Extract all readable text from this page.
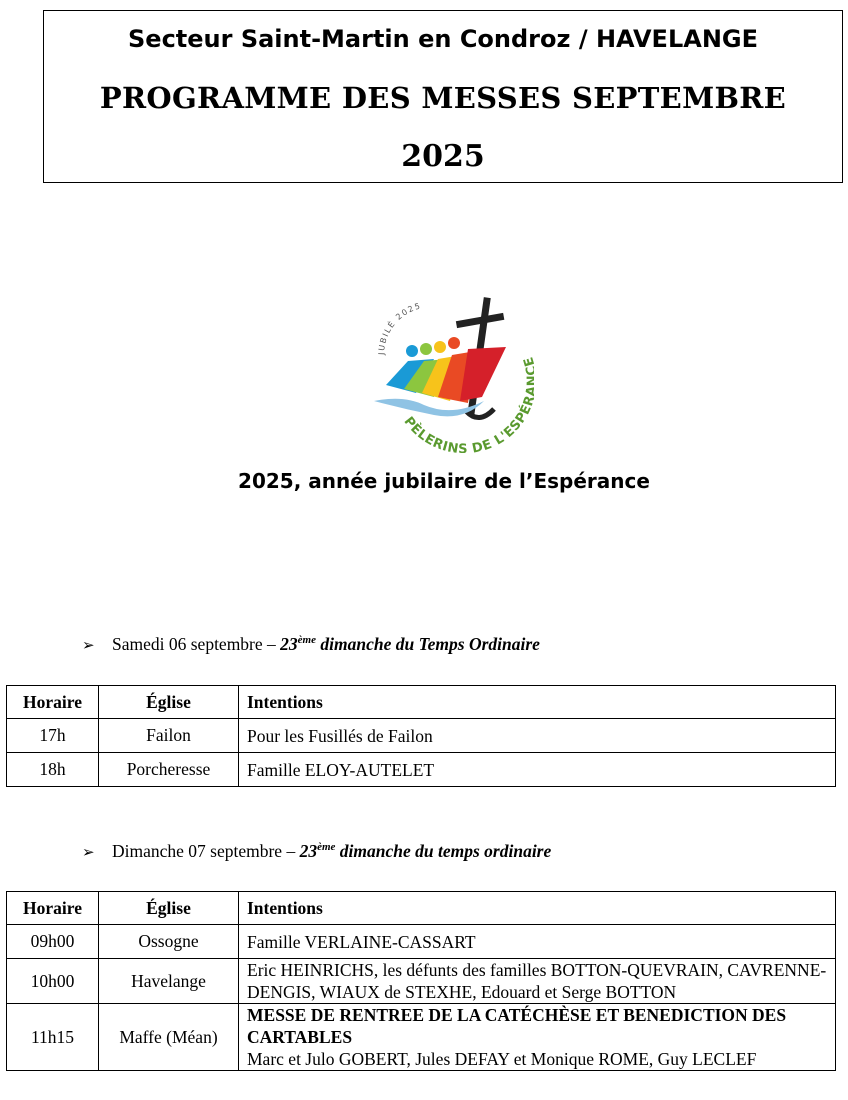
Secteur Saint-Martin en Condroz / HAVELANGE
PROGRAMME DES MESSES SEPTEMBRE
2025
JUBILÉ 2025
PÈLERINS DE L'ESPÉ
2025, année jubilaire de l’Espérance
➢ Samedi 06 septembre – 23ème dimanche du Temps Ordinaire
Horaire	Église	Intentions
17h	Failon	Pour les Fusillés de Failon
18h	Porcheresse	Famille ELOY-AUTELET
➢ Dimanche 07 septembre – 23ème dimanche du temps ordinaire
Horaire	Église	Intentions
09h00	Ossogne	Famille VERLAINE-CASSART
10h00	Havelange	Eric HEINRICHS, les défunts des familles BOTTON-QUEVRAIN, CAVRENNE-DENGIS, WIAUX de STEXHE, Edouard et Serge BOTTON
11h15	Maffe (Méan)	MESSE DE RENTREE DE LA CATÉCHÈSE ET BENEDICTION DES CARTABLES
Marc et Julo GOBERT, Jules DEFAY et Monique ROME, Guy LECLEF
